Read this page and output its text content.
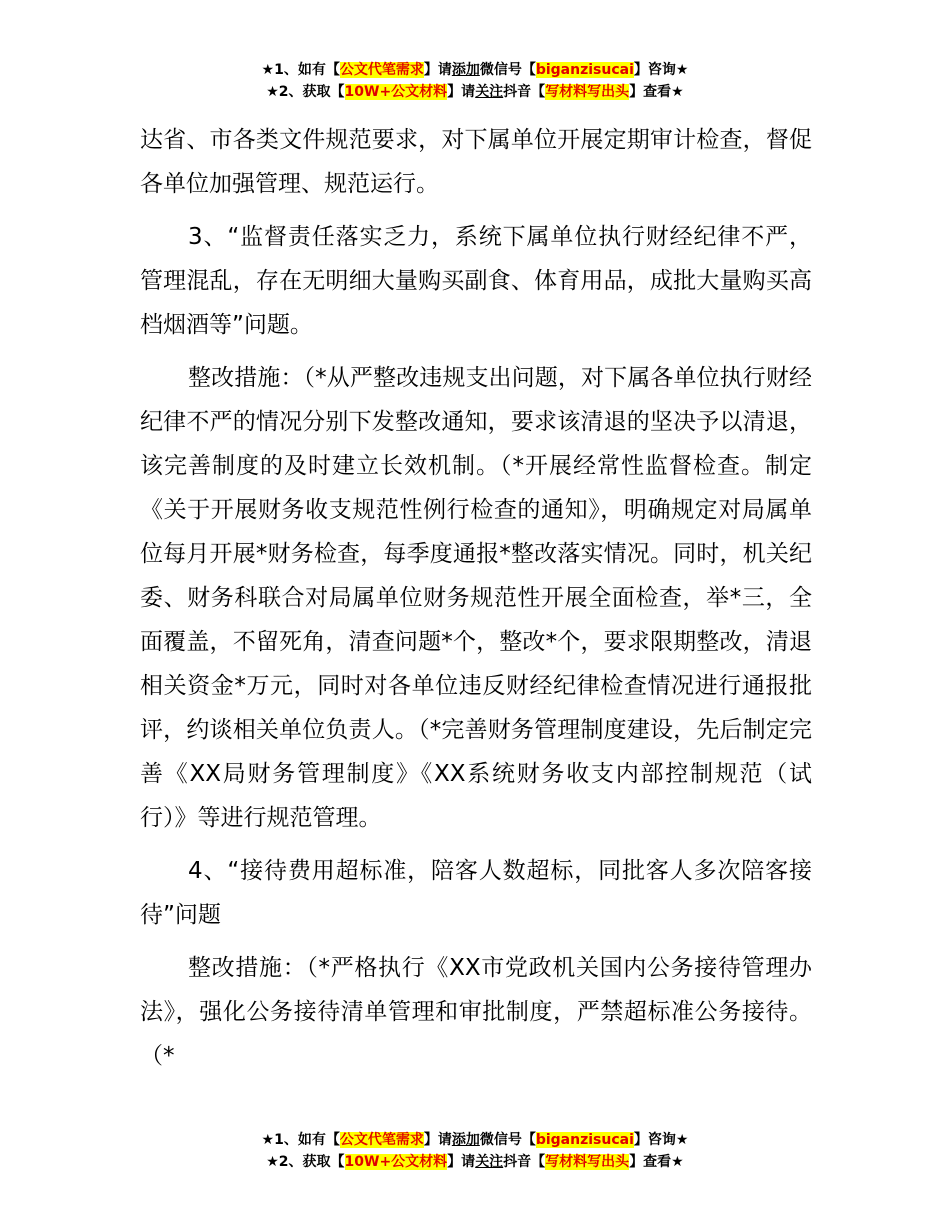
★1、如有【公文代笔需求】请添加微信号【biganzisucai】咨询★
★2、获取【10W+公文材料】请关注抖音【写材料写出头】查看★

达省、市各类文件规范要求，对下属单位开展定期审计检查，督促各单位加强管理、规范运行。

3、“监督责任落实乏力，系统下属单位执行财经纪律不严，管理混乱，存在无明细大量购买副食、体育用品，成批大量购买高档烟酒等”问题。

整改措施：（*从严整改违规支出问题，对下属各单位执行财经纪律不严的情况分别下发整改通知，要求该清退的坚决予以清退，该完善制度的及时建立长效机制。（*开展经常性监督检查。制定《关于开展财务收支规范性例行检查的通知》，明确规定对局属单位每月开展*财务检查，每季度通报*整改落实情况。同时，机关纪委、财务科联合对局属单位财务规范性开展全面检查，举*三，全面覆盖，不留死角，清查问题*个，整改*个，要求限期整改，清退相关资金*万元，同时对各单位违反财经纪律检查情况进行通报批评，约谈相关单位负责人。（*完善财务管理制度建设，先后制定完善《XX局财务管理制度》《XX系统财务收支内部控制规范（试行）》等进行规范管理。

4、“接待费用超标准，陪客人数超标，同批客人多次陪客接待”问题

整改措施：（*严格执行《XX市党政机关国内公务接待管理办法》，强化公务接待清单管理和审批制度，严禁超标准公务接待。（*

★1、如有【公文代笔需求】请添加微信号【biganzisucai】咨询★
★2、获取【10W+公文材料】请关注抖音【写材料写出头】查看★
